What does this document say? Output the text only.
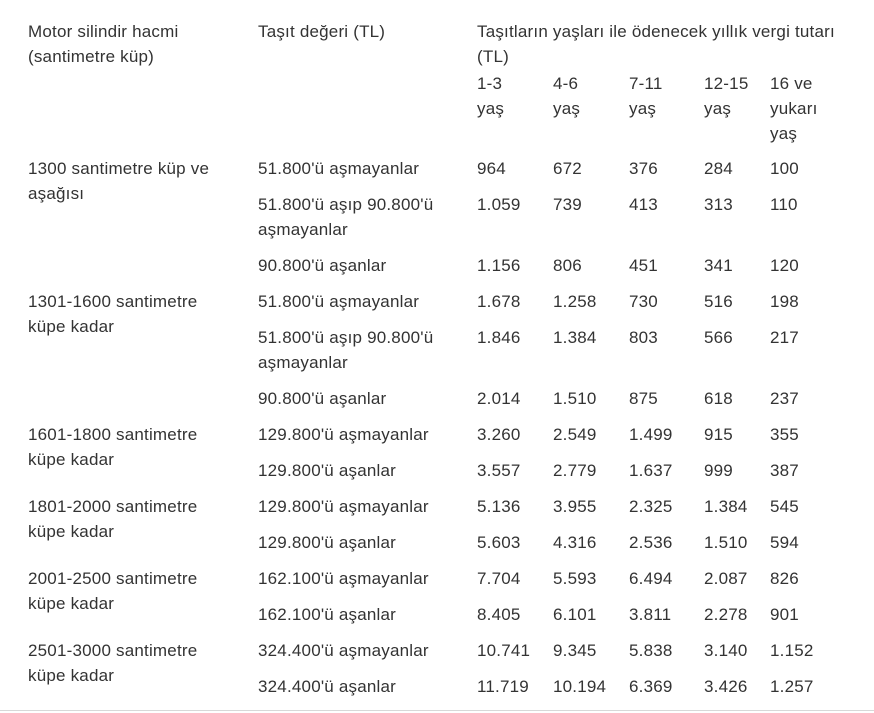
Motor silindir hacmi (santimetre küp)	Taşıt değeri (TL)	Taşıtların yaşları ile ödenecek yıllık vergi tutarı (TL)				
		1-3 yaş	4-6 yaş	7-11 yaş	12-15 yaş	16 ve yukarı yaş
1300 santimetre küp ve aşağısı	51.800'ü aşmayanlar	964	672	376	284	100
	51.800'ü aşıp 90.800'ü aşmayanlar	1.059	739	413	313	110
	90.800'ü aşanlar	1.156	806	451	341	120
1301-1600 santimetre küpe kadar	51.800'ü aşmayanlar	1.678	1.258	730	516	198
	51.800'ü aşıp 90.800'ü aşmayanlar	1.846	1.384	803	566	217
	90.800'ü aşanlar	2.014	1.510	875	618	237
1601-1800 santimetre küpe kadar	129.800'ü aşmayanlar	3.260	2.549	1.499	915	355
	129.800'ü aşanlar	3.557	2.779	1.637	999	387
1801-2000 santimetre küpe kadar	129.800'ü aşmayanlar	5.136	3.955	2.325	1.384	545
	129.800'ü aşanlar	5.603	4.316	2.536	1.510	594
2001-2500 santimetre küpe kadar	162.100'ü aşmayanlar	7.704	5.593	6.494	2.087	826
	162.100'ü aşanlar	8.405	6.101	3.811	2.278	901
2501-3000 santimetre küpe kadar	324.400'ü aşmayanlar	10.741	9.345	5.838	3.140	1.152
	324.400'ü aşanlar	11.719	10.194	6.369	3.426	1.257
